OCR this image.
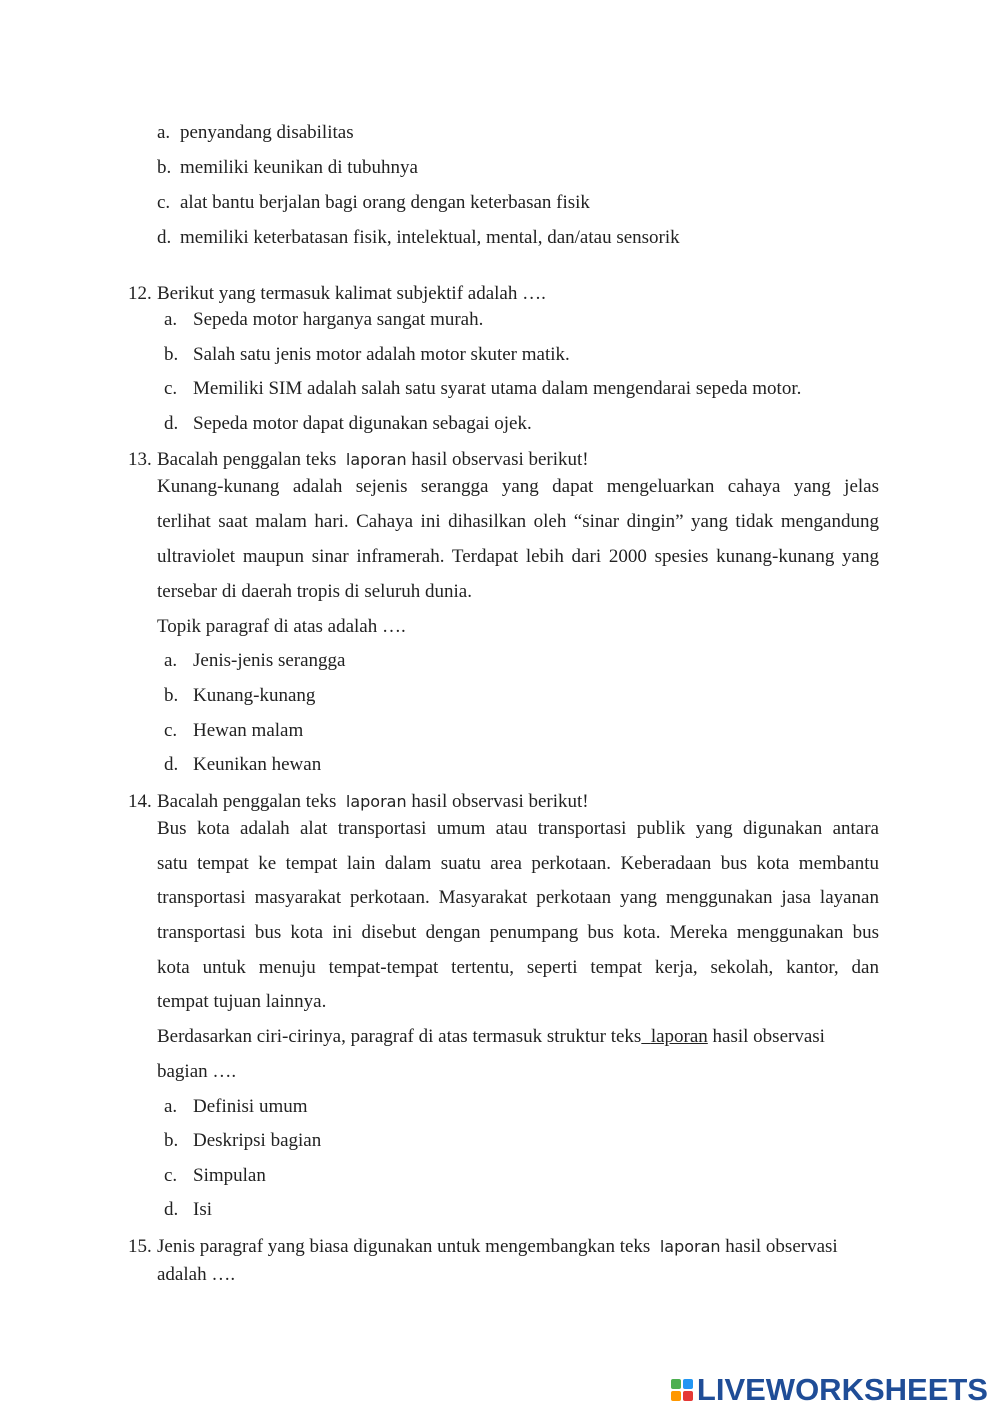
a. penyandang disabilitas
b. memiliki keunikan di tubuhnya
c. alat bantu berjalan bagi orang dengan keterbasan fisik
d. memiliki keterbatasan fisik, intelektual, mental, dan/atau sensorik
12. Berikut yang termasuk kalimat subjektif adalah ….
a. Sepeda motor harganya sangat murah.
b. Salah satu jenis motor adalah motor skuter matik.
c. Memiliki SIM adalah salah satu syarat utama dalam mengendarai sepeda motor.
d. Sepeda motor dapat digunakan sebagai ojek.
13. Bacalah penggalan teks laporan hasil observasi berikut!
Kunang-kunang adalah sejenis serangga yang dapat mengeluarkan cahaya yang jelas
terlihat saat malam hari. Cahaya ini dihasilkan oleh “sinar dingin” yang tidak mengandung
ultraviolet maupun sinar inframerah. Terdapat lebih dari 2000 spesies kunang-kunang yang
tersebar di daerah tropis di seluruh dunia.
Topik paragraf di atas adalah ….
a. Jenis-jenis serangga
b. Kunang-kunang
c. Hewan malam
d. Keunikan hewan
14. Bacalah penggalan teks laporan hasil observasi berikut!
Bus kota adalah alat transportasi umum atau transportasi publik yang digunakan antara
satu tempat ke tempat lain dalam suatu area perkotaan. Keberadaan bus kota membantu
transportasi masyarakat perkotaan. Masyarakat perkotaan yang menggunakan jasa layanan
transportasi bus kota ini disebut dengan penumpang bus kota. Mereka menggunakan bus
kota untuk menuju tempat-tempat tertentu, seperti tempat kerja, sekolah, kantor, dan
tempat tujuan lainnya.
Berdasarkan ciri-cirinya, paragraf di atas termasuk struktur teks laporan hasil observasi
bagian ….
a. Definisi umum
b. Deskripsi bagian
c. Simpulan
d. Isi
15. Jenis paragraf yang biasa digunakan untuk mengembangkan teks laporan hasil observasi
adalah ….
LIVEWORKSHEETS
